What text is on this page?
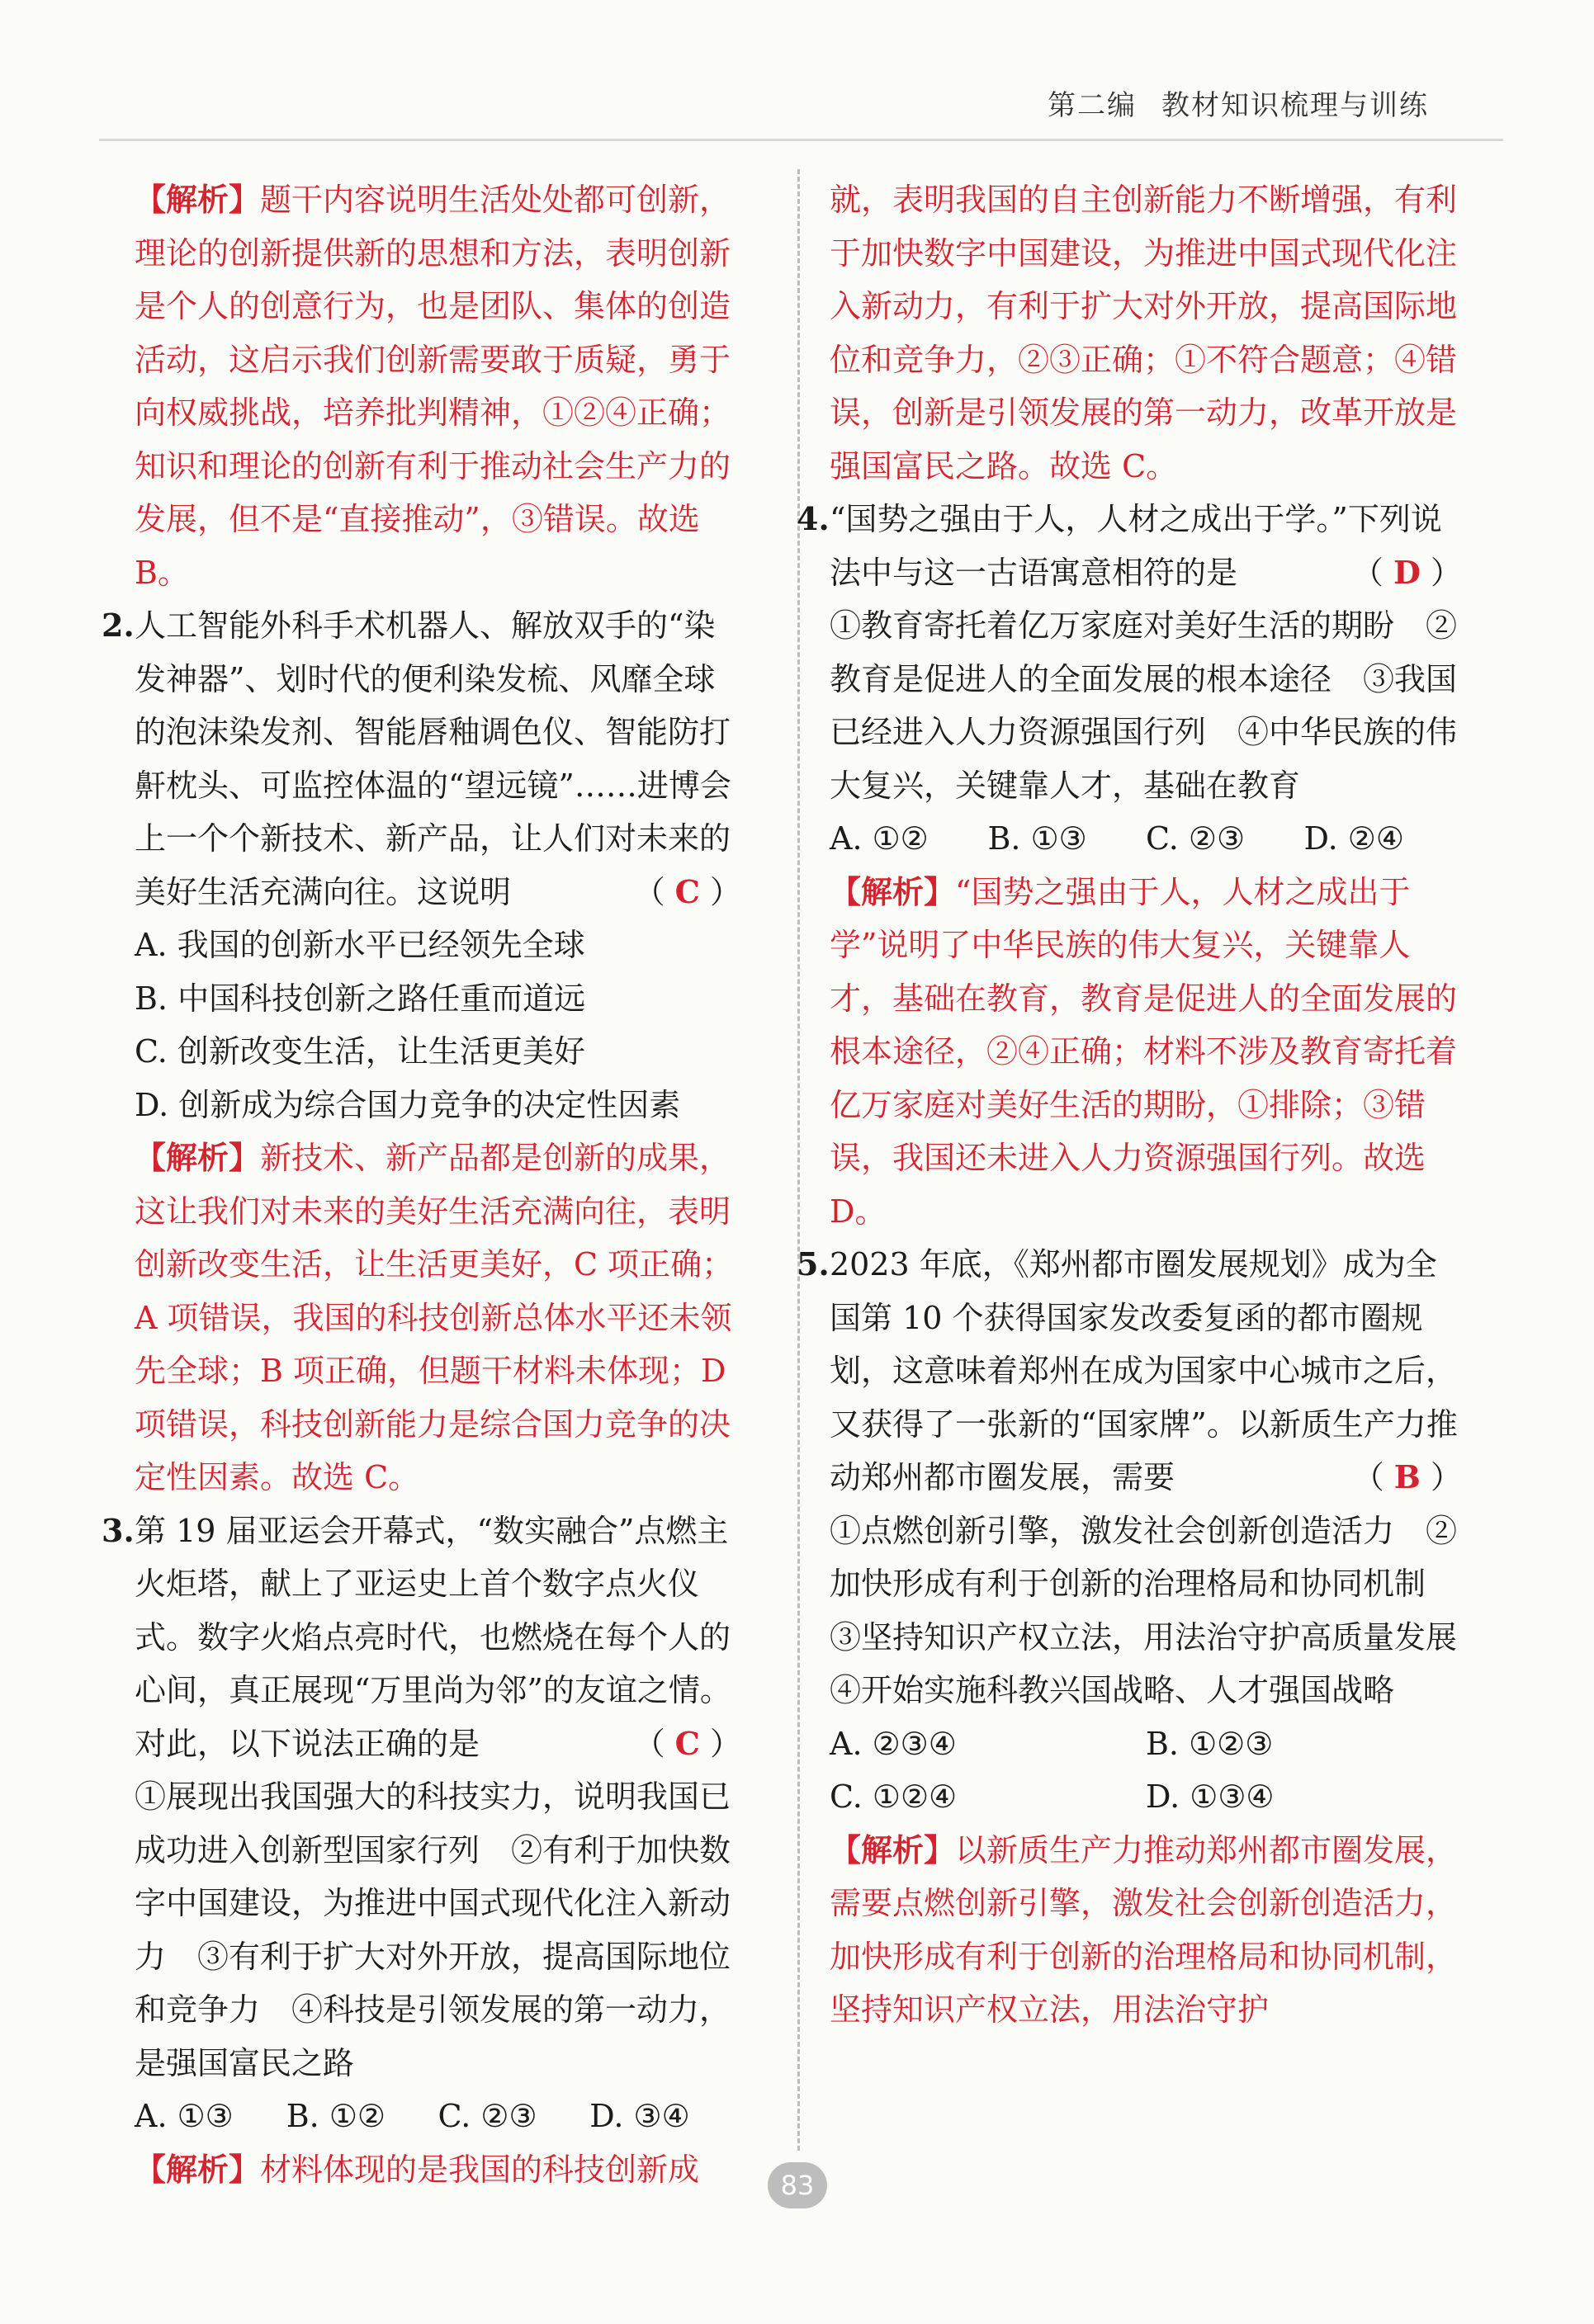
第二编 教材知识梳理与训练

【解析】题干内容说明生活处处都可创新，理论的创新提供新的思想和方法，表明创新是个人的创意行为，也是团队、集体的创造活动，这启示我们创新需要敢于质疑，勇于向权威挑战，培养批判精神，①②④正确；知识和理论的创新有利于推动社会生产力的发展，但不是“直接推动”，③错误。故选 B。

2. 人工智能外科手术机器人、解放双手的“染发神器”、划时代的便利染发梳、风靡全球的泡沫染发剂、智能唇釉调色仪、智能防打鼾枕头、可监控体温的“望远镜”……进博会上一个个新技术、新产品，让人们对未来的美好生活充满向往。这说明	（ C ）
A. 我国的创新水平已经领先全球
B. 中国科技创新之路任重而道远
C. 创新改变生活，让生活更美好
D. 创新成为综合国力竞争的决定性因素
【解析】新技术、新产品都是创新的成果，这让我们对未来的美好生活充满向往，表明创新改变生活，让生活更美好，C 项正确；A 项错误，我国的科技创新总体水平还未领先全球；B 项正确，但题干材料未体现；D 项错误，科技创新能力是综合国力竞争的决定性因素。故选 C。
3. 第 19 届亚运会开幕式，“数实融合”点燃主火炬塔，献上了亚运史上首个数字点火仪式。数字火焰点亮时代，也燃烧在每个人的心间，真正展现“万里尚为邻”的友谊之情。对此，以下说法正确的是	（ C ）
①展现出我国强大的科技实力，说明我国已成功进入创新型国家行列　②有利于加快数字中国建设，为推进中国式现代化注入新动力　③有利于扩大对外开放，提高国际地位和竞争力　④科技是引领发展的第一动力，是强国富民之路
A. ①③	B. ①②	C. ②③	D. ③④
【解析】材料体现的是我国的科技创新成

就，表明我国的自主创新能力不断增强，有利于加快数字中国建设，为推进中国式现代化注入新动力，有利于扩大对外开放，提高国际地位和竞争力，②③正确；①不符合题意；④错误，创新是引领发展的第一动力，改革开放是强国富民之路。故选 C。

4. “国势之强由于人，人材之成出于学。”下列说法中与这一古语寓意相符的是	（ D ）
①教育寄托着亿万家庭对美好生活的期盼　②教育是促进人的全面发展的根本途径　③我国已经进入人力资源强国行列　④中华民族的伟大复兴，关键靠人才，基础在教育
A. ①②	B. ①③	C. ②③	D. ②④
【解析】“国势之强由于人，人材之成出于学”说明了中华民族的伟大复兴，关键靠人才，基础在教育，教育是促进人的全面发展的根本途径，②④正确；材料不涉及教育寄托着亿万家庭对美好生活的期盼，①排除；③错误，我国还未进入人力资源强国行列。故选 D。
5. 2023 年底，《郑州都市圈发展规划》成为全国第 10 个获得国家发改委复函的都市圈规划，这意味着郑州在成为国家中心城市之后，又获得了一张新的“国家牌”。以新质生产力推动郑州都市圈发展，需要	（ B ）
①点燃创新引擎，激发社会创新创造活力　②加快形成有利于创新的治理格局和协同机制　③坚持知识产权立法，用法治守护高质量发展　④开始实施科教兴国战略、人才强国战略
A. ②③④	B. ①②③
C. ①②④	D. ①③④
【解析】以新质生产力推动郑州都市圈发展，需要点燃创新引擎，激发社会创新创造活力，加快形成有利于创新的治理格局和协同机制，坚持知识产权立法，用法治守护
83
